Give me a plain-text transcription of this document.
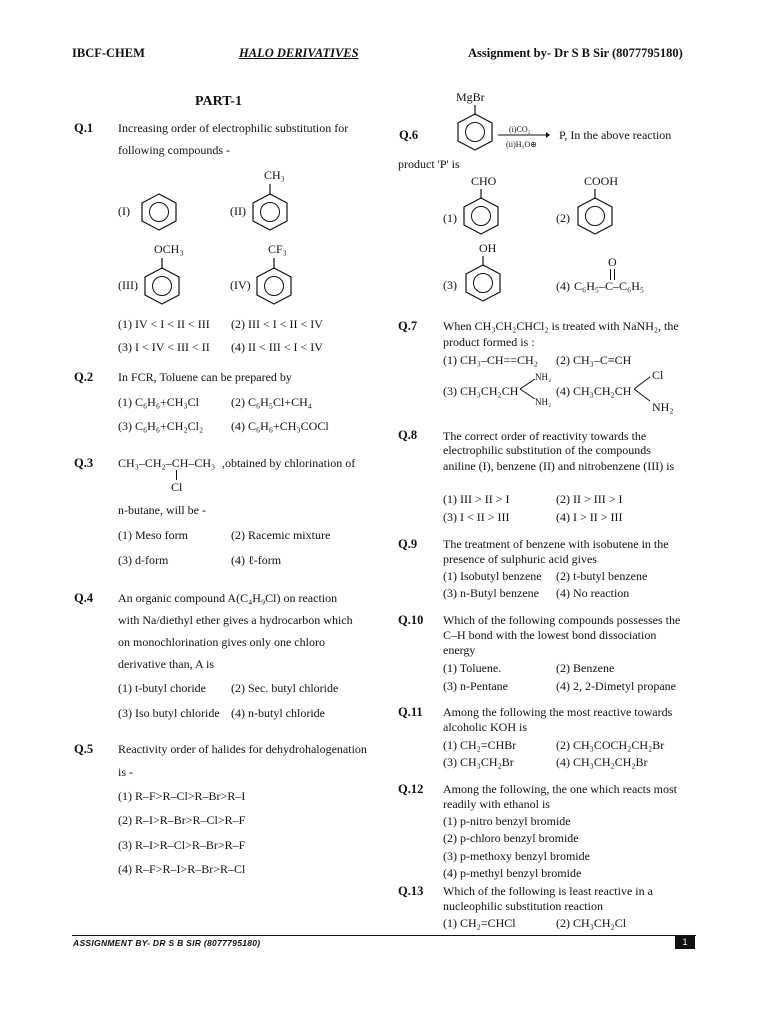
IBCF-CHEM	HALO DERIVATIVES	Assignment by- Dr S B Sir (8077795180)
PART-1
Q.1 Increasing order of electrophilic substitution for
following compounds -
(I)	(II)
CH₃
(III)
OCH₃
(IV)
CF₃
(1) IV < I < II < III (2) III < I < II < IV
(3) I < IV < III < II (4) II < III < I < IV
Q.2 In FCR, Toluene can be prepared by
(1) C₆H₆+CH₃Cl	(2) C₆H₅Cl+CH₄
(3) C₆H₆+CH₂Cl₂ (4) C₆H₆+CH₃COCl
Q.3 CH₃–CH₂–CH–CH₃ ,obtained by chlorination of
Cl
n-butane, will be -
(1) Meso form	(2) Racemic mixture
(3) d-form	(4) ℓ-form
Q.4 An organic compound A(C₄H₉Cl) on reaction
with Na/diethyl ether gives a hydrocarbon which
on monochlorination gives only one chloro
derivative than, A is
(1) t-butyl choride (2) Sec. butyl chloride
(3) Iso butyl chloride (4) n-butyl chloride
Q.5 Reactivity order of halides for dehydrohalogenation
is -
(1) R–F>R–Cl>R–Br>R–I
(2) R–I>R–Br>R–Cl>R–F
(3) R–I>R–Cl>R–Br>R–F
(4) R–F>R–I>R–Br>R–Cl
MgBr
Q.6	(i)CO₂
(ii)H₃O⊕
P, In the above reaction
product 'P' is
(1)
CHO
(2)
COOH
(3)
OH
O
(4) C₆H₅–C–C₆H₅
Q.7 When CH₃CH₂CHCl₂ is treated with NaNH₂, the
product formed is :
(1) CH₃–CH==CH₂ (2) CH₃–C≡CH
(3) CH₃CH₂CH
NH₂
NH₂
(4) CH₃CH₂CH
Cl
NH₂
Q.8 The correct order of reactivity towards the
electrophilic substitution of the compounds
aniline (I), benzene (II) and nitrobenzene (III) is
(1) III > II > I	(2) II > III > I
(3) I < II > III	(4) I > II > III
Q.9 The treatment of benzene with isobutene in the
presence of sulphuric acid gives
(1) Isobutyl benzene (2) t-butyl benzene
(3) n-Butyl benzene (4) No reaction
Q.10 Which of the following compounds possesses the
C–H bond with the lowest bond dissociation
energy
(1) Toluene.	(2) Benzene
(3) n-Pentane	(4) 2, 2-Dimetyl propane
Q.11 Among the following the most reactive towards
alcoholic KOH is
(1) CH₂=CHBr	(2) CH₃COCH₂CH₂Br
(3) CH₃CH₂Br	(4) CH₃CH₂CH₂Br
Q.12 Among the following, the one which reacts most
readily with ethanol is
(1) p-nitro benzyl bromide
(2) p-chloro benzyl bromide
(3) p-methoxy benzyl bromide
(4) p-methyl benzyl bromide
Q.13 Which of the following is least reactive in a
nucleophilic substitution reaction
(1) CH₂=CHCl	(2) CH₃CH₂Cl
ASSIGNMENT BY- DR S B SIR (8077795180)	1
